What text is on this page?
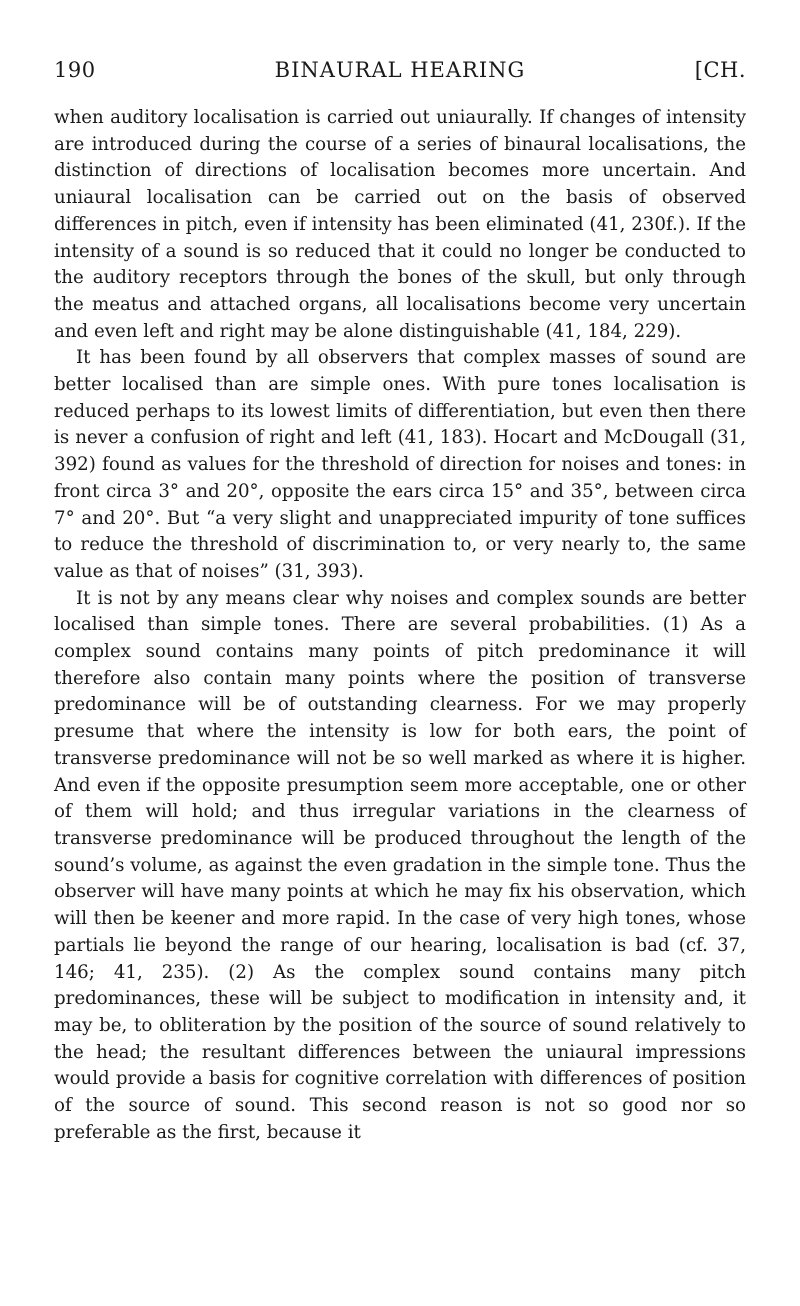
190	BINAURAL HEARING	[CH.

when auditory localisation is carried out uniaurally. If changes of intensity are introduced during the course of a series of binaural localisations, the distinction of directions of localisation becomes more uncertain. And uniaural localisation can be carried out on the basis of observed differences in pitch, even if intensity has been eliminated (41, 230f.). If the intensity of a sound is so reduced that it could no longer be conducted to the auditory receptors through the bones of the skull, but only through the meatus and attached organs, all localisations become very uncertain and even left and right may be alone distinguishable (41, 184, 229).

It has been found by all observers that complex masses of sound are better localised than are simple ones. With pure tones localisation is reduced perhaps to its lowest limits of differentiation, but even then there is never a confusion of right and left (41, 183). Hocart and McDougall (31, 392) found as values for the threshold of direction for noises and tones: in front circa 3° and 20°, opposite the ears circa 15° and 35°, between circa 7° and 20°. But “a very slight and unappreciated impurity of tone suffices to reduce the threshold of discrimination to, or very nearly to, the same value as that of noises” (31, 393).

It is not by any means clear why noises and complex sounds are better localised than simple tones. There are several probabilities. (1) As a complex sound contains many points of pitch predominance it will therefore also contain many points where the position of transverse predominance will be of outstanding clearness. For we may properly presume that where the intensity is low for both ears, the point of transverse predominance will not be so well marked as where it is higher. And even if the opposite presumption seem more acceptable, one or other of them will hold; and thus irregular variations in the clearness of transverse predominance will be produced throughout the length of the sound’s volume, as against the even gradation in the simple tone. Thus the observer will have many points at which he may fix his observation, which will then be keener and more rapid. In the case of very high tones, whose partials lie beyond the range of our hearing, localisation is bad (cf. 37, 146; 41, 235). (2) As the complex sound contains many pitch predominances, these will be subject to modification in intensity and, it may be, to obliteration by the position of the source of sound relatively to the head; the resultant differences between the uniaural impressions would provide a basis for cognitive correlation with differences of position of the source of sound. This second reason is not so good nor so preferable as the first, because it
